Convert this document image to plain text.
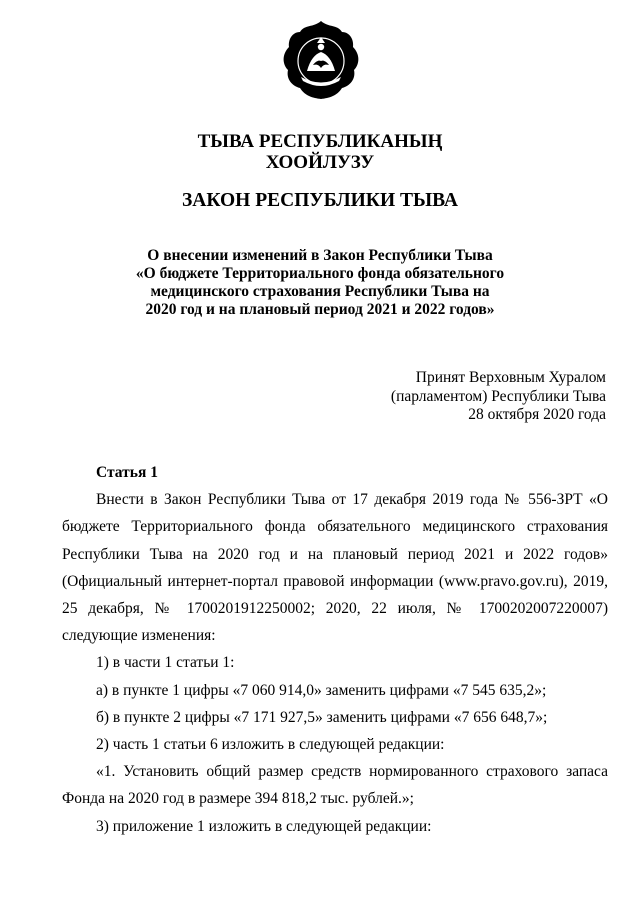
ТЫВА РЕСПУБЛИКАНЫҢ
ХООЙЛУЗУ
ЗАКОН РЕСПУБЛИКИ ТЫВА
О внесении изменений в Закон Республики Тыва
«О бюджете Территориального фонда обязательного
медицинского страхования Республики Тыва на
2020 год и на плановый период 2021 и 2022 годов»
Принят Верховным Хуралом
(парламентом) Республики Тыва
28 октября 2020 года

Статья 1

Внести в Закон Республики Тыва от 17 декабря 2019 года № 556-ЗРТ «О бюджете Территориального фонда обязательного медицинского страхования Республики Тыва на 2020 год и на плановый период 2021 и 2022 годов» (Официальный интернет-портал правовой информации (www.pravo.gov.ru), 2019, 25 декабря, № 1700201912250002; 2020, 22 июля, № 1700202007220007) следующие изменения:

1) в части 1 статьи 1:

а) в пункте 1 цифры «7 060 914,0» заменить цифрами «7 545 635,2»;

б) в пункте 2 цифры «7 171 927,5» заменить цифрами «7 656 648,7»;

2) часть 1 статьи 6 изложить в следующей редакции:

«1. Установить общий размер средств нормированного страхового запаса Фонда на 2020 год в размере 394 818,2 тыс. рублей.»;

3) приложение 1 изложить в следующей редакции:
